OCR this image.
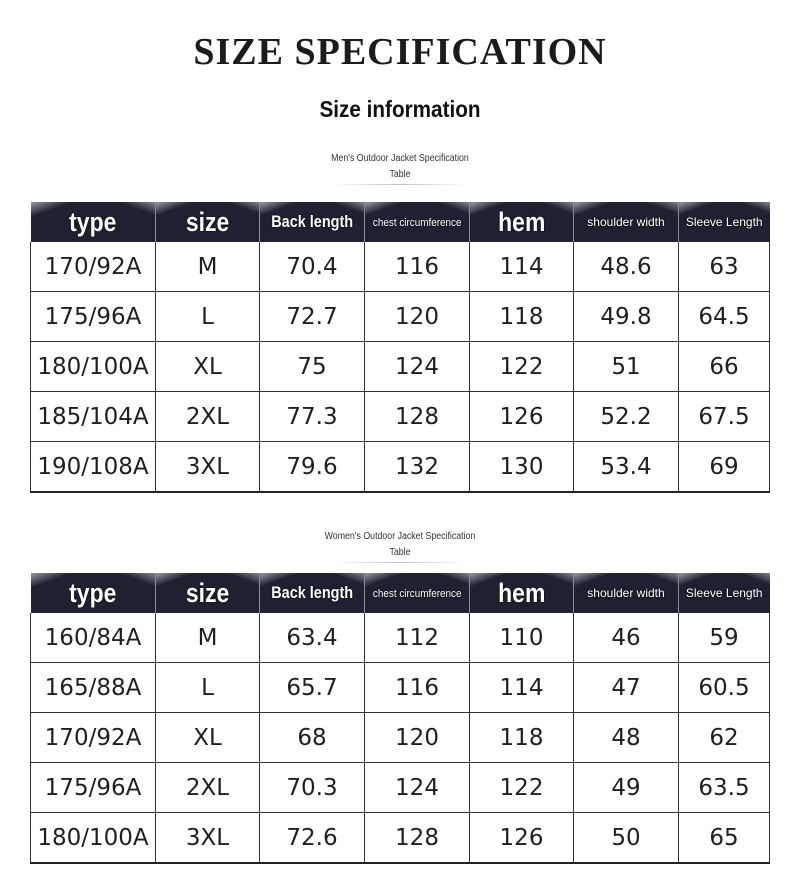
SIZE SPECIFICATION
Size information
Men's Outdoor Jacket Specification
Table
type	size	Back length	chest circumference	hem	shoulder width	Sleeve Length
170/92A	M	70.4	116	114	48.6	63
175/96A	L	72.7	120	118	49.8	64.5
180/100A	XL	75	124	122	51	66
185/104A	2XL	77.3	128	126	52.2	67.5
190/108A	3XL	79.6	132	130	53.4	69
Women's Outdoor Jacket Specification
Table
type	size	Back length	chest circumference	hem	shoulder width	Sleeve Length
160/84A	M	63.4	112	110	46	59
165/88A	L	65.7	116	114	47	60.5
170/92A	XL	68	120	118	48	62
175/96A	2XL	70.3	124	122	49	63.5
180/100A	3XL	72.6	128	126	50	65
